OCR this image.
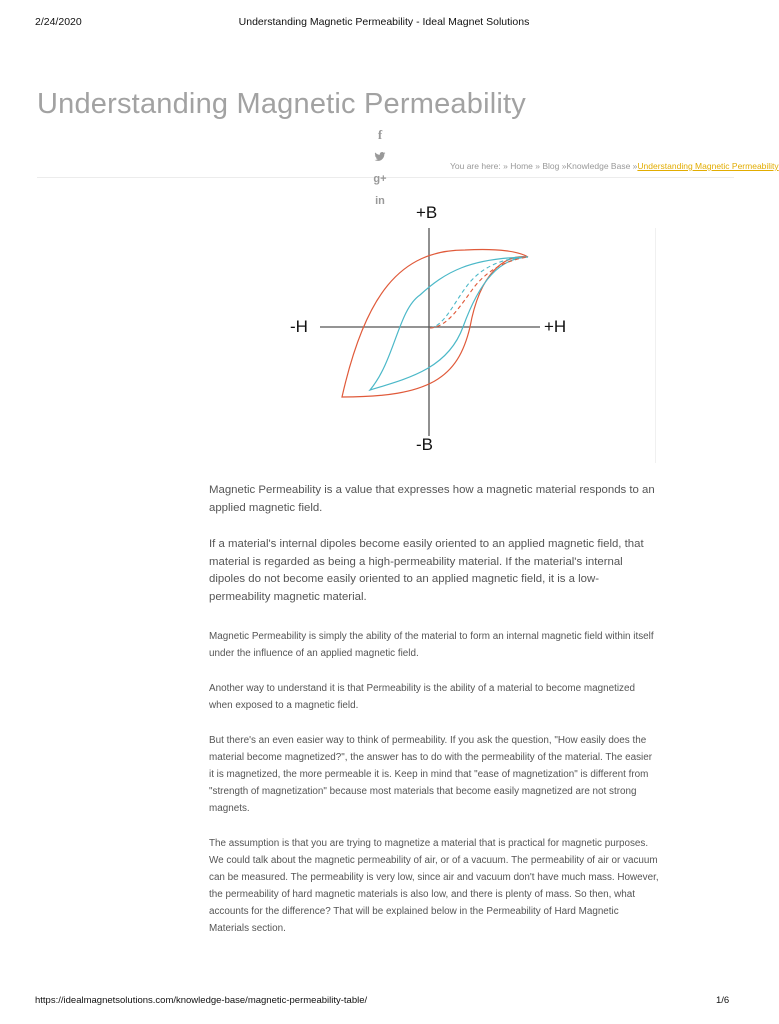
2/24/2020	Understanding Magnetic Permeability - Ideal Magnet Solutions
Understanding Magnetic Permeability
f
g+
in
You are here: » Home » Blog »Knowledge Base »Understanding Magnetic Permeability
+B
-B
-H	+H

Magnetic Permeability is a value that expresses how a magnetic material responds to an applied magnetic field.

If a material's internal dipoles become easily oriented to an applied magnetic field, that material is regarded as being a high-permeability material. If the material's internal dipoles do not become easily oriented to an applied magnetic field, it is a low-permeability magnetic material.

Magnetic Permeability is simply the ability of the material to form an internal magnetic field within itself under the influence of an applied magnetic field.

Another way to understand it is that Permeability is the ability of a material to become magnetized when exposed to a magnetic field.

But there's an even easier way to think of permeability. If you ask the question, "How easily does the material become magnetized?", the answer has to do with the permeability of the material. The easier it is magnetized, the more permeable it is. Keep in mind that "ease of magnetization" is different from "strength of magnetization" because most materials that become easily magnetized are not strong magnets.

The assumption is that you are trying to magnetize a material that is practical for magnetic purposes. We could talk about the magnetic permeability of air, or of a vacuum. The permeability of air or vacuum can be measured. The permeability is very low, since air and vacuum don't have much mass. However, the permeability of hard magnetic materials is also low, and there is plenty of mass. So then, what accounts for the difference? That will be explained below in the Permeability of Hard Magnetic Materials section.

https://idealmagnetsolutions.com/knowledge-base/magnetic-permeability-table/	1/6
